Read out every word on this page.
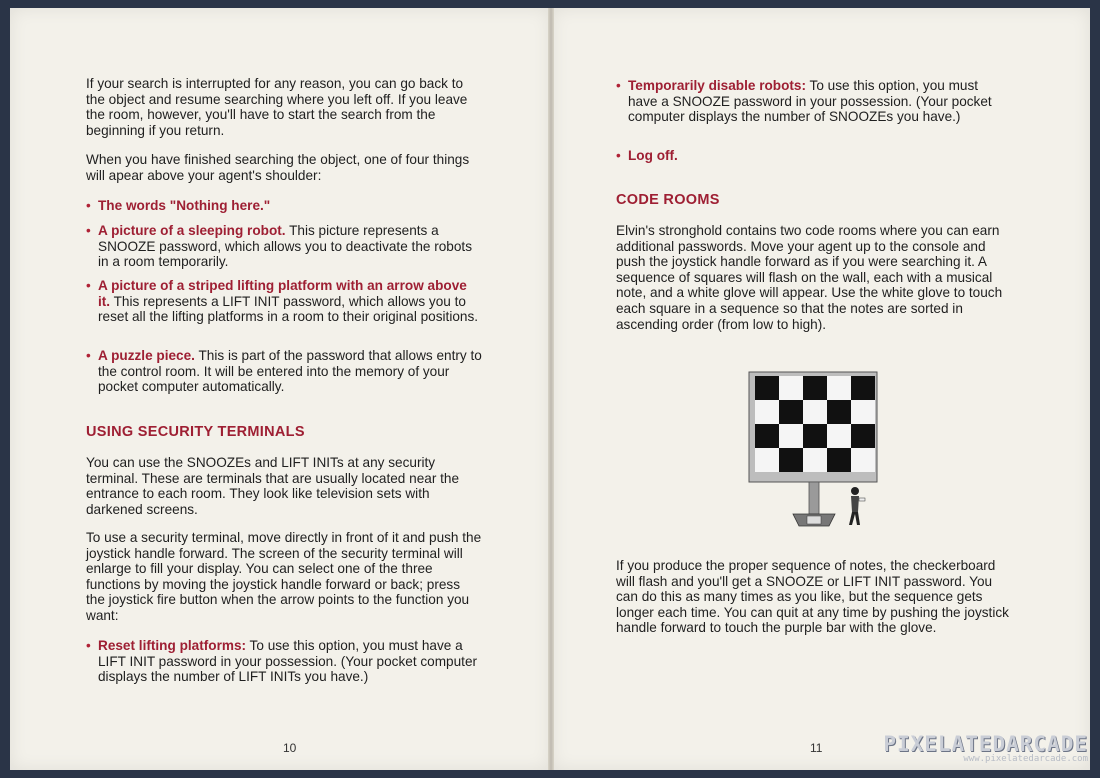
If your search is interrupted for any reason, you can go back to the object and resume searching where you left off. If you leave the room, however, you'll have to start the search from the beginning if you return.

When you have finished searching the object, one of four things will apear above your agent's shoulder:

• The words "Nothing here."

• A picture of a sleeping robot. This picture represents a SNOOZE password, which allows you to deactivate the robots in a room temporarily.

• A picture of a striped lifting platform with an arrow above it. This represents a LIFT INIT password, which allows you to reset all the lifting platforms in a room to their original positions.

• A puzzle piece. This is part of the password that allows entry to the control room. It will be entered into the memory of your pocket computer automatically.

USING SECURITY TERMINALS

You can use the SNOOZEs and LIFT INITs at any security terminal. These are terminals that are usually located near the entrance to each room. They look like television sets with darkened screens.

To use a security terminal, move directly in front of it and push the joystick handle forward. The screen of the security terminal will enlarge to fill your display. You can select one of the three functions by moving the joystick handle forward or back; press the joystick fire button when the arrow points to the function you want:

• Reset lifting platforms: To use this option, you must have a LIFT INIT password in your possession. (Your pocket computer displays the number of LIFT INITs you have.)

10

• Temporarily disable robots: To use this option, you must have a SNOOZE password in your possession. (Your pocket computer displays the number of SNOOZEs you have.)

• Log off.

CODE ROOMS

Elvin's stronghold contains two code rooms where you can earn additional passwords. Move your agent up to the console and push the joystick handle forward as if you were searching it. A sequence of squares will flash on the wall, each with a musical note, and a white glove will appear. Use the white glove to touch each square in a sequence so that the notes are sorted in ascending order (from low to high).

If you produce the proper sequence of notes, the checkerboard will flash and you'll get a SNOOZE or LIFT INIT password. You can do this as many times as you like, but the sequence gets longer each time. You can quit at any time by pushing the joystick handle forward to touch the purple bar with the glove.

11	PIXELATEDARCADE
www.pixelatedarcade.com
